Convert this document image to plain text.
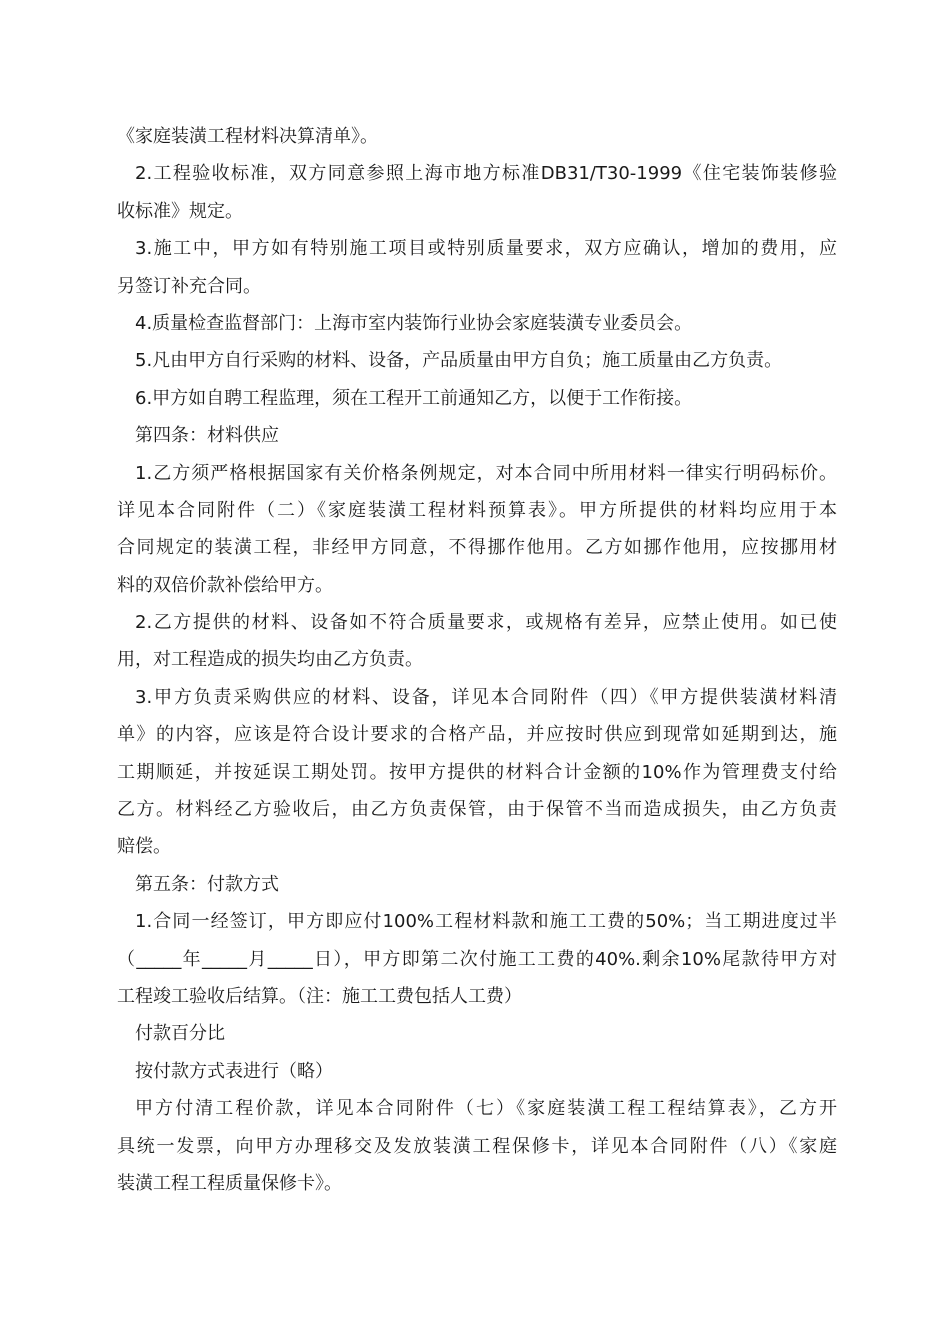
《家庭装潢工程材料决算清单》。
2.工程验收标准，双方同意参照上海市地方标准DB31/T30-1999《住宅装饰装修验
收标准》规定。
3.施工中，甲方如有特别施工项目或特别质量要求，双方应确认，增加的费用，应
另签订补充合同。
4.质量检查监督部门：上海市室内装饰行业协会家庭装潢专业委员会。
5.凡由甲方自行采购的材料、设备，产品质量由甲方自负；施工质量由乙方负责。
6.甲方如自聘工程监理，须在工程开工前通知乙方，以便于工作衔接。
第四条：材料供应
1.乙方须严格根据国家有关价格条例规定，对本合同中所用材料一律实行明码标价。
详见本合同附件（二）《家庭装潢工程材料预算表》。甲方所提供的材料均应用于本
合同规定的装潢工程，非经甲方同意，不得挪作他用。乙方如挪作他用，应按挪用材
料的双倍价款补偿给甲方。
2.乙方提供的材料、设备如不符合质量要求，或规格有差异，应禁止使用。如已使
用，对工程造成的损失均由乙方负责。
3.甲方负责采购供应的材料、设备，详见本合同附件（四）《甲方提供装潢材料清
单》的内容，应该是符合设计要求的合格产品，并应按时供应到现常如延期到达，施
工期顺延，并按延误工期处罚。按甲方提供的材料合计金额的10%作为管理费支付给
乙方。材料经乙方验收后，由乙方负责保管，由于保管不当而造成损失，由乙方负责
赔偿。
第五条：付款方式
1.合同一经签订，甲方即应付100%工程材料款和施工工费的50%；当工期进度过半
（_____年_____月_____日），甲方即第二次付施工工费的40%.剩余10%尾款待甲方对
工程竣工验收后结算。（注：施工工费包括人工费）
付款百分比
按付款方式表进行（略）
甲方付清工程价款，详见本合同附件（七）《家庭装潢工程工程结算表》，乙方开
具统一发票，向甲方办理移交及发放装潢工程保修卡，详见本合同附件（八）《家庭
装潢工程工程质量保修卡》。
